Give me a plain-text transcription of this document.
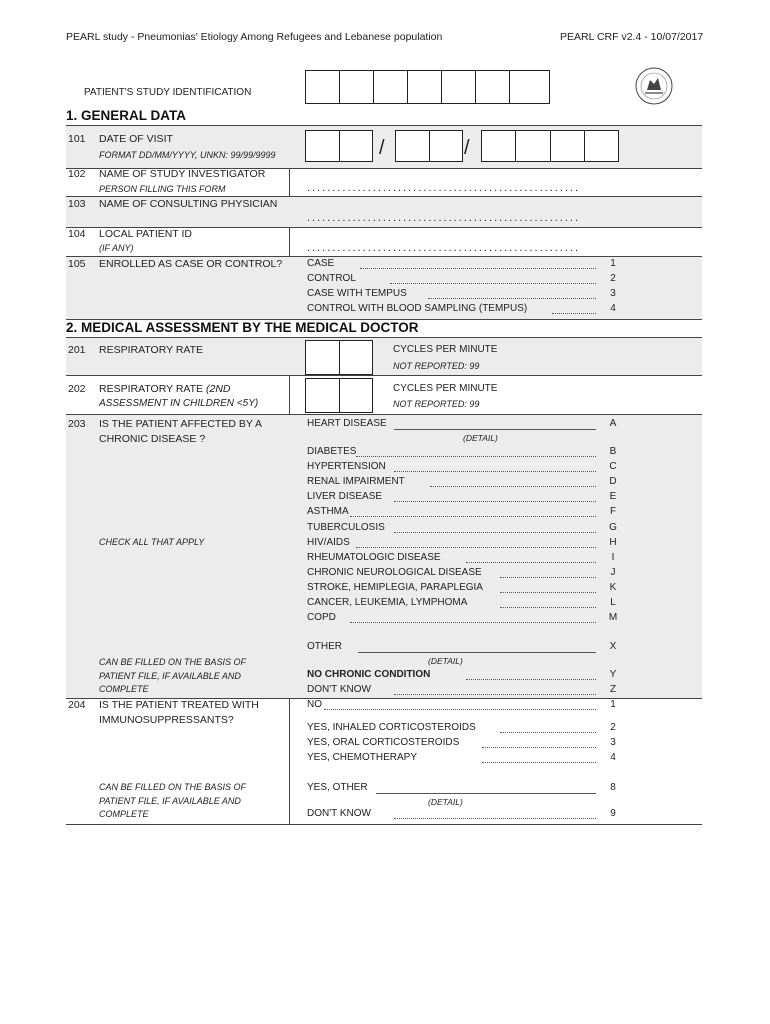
PEARL study - Pneumonias' Etiology Among Refugees and Lebanese population	PEARL CRF v2.4 - 10/07/2017
PATIENT'S STUDY IDENTIFICATION
1. GENERAL DATA
101 DATE OF VISIT
FORMAT DD/MM/YYYY, UNKN: 99/99/9999	/	/
102 NAME OF STUDY INVESTIGATOR
PERSON FILLING THIS FORM	......................................................
103 NAME OF CONSULTING PHYSICIAN
......................................................
104 LOCAL PATIENT ID
(IF ANY)	......................................................
105 ENROLLED AS CASE OR CONTROL? CASE	1
CONTROL	2
CASE WITH TEMPUS	3
CONTROL WITH BLOOD SAMPLING (TEMPUS)	4
2. MEDICAL ASSESSMENT BY THE MEDICAL DOCTOR
201 RESPIRATORY RATE	CYCLES PER MINUTE
NOT REPORTED: 99
202 RESPIRATORY RATE (2ND
ASSESSMENT IN CHILDREN <5Y)
CYCLES PER MINUTE
NOT REPORTED: 99
203 IS THE PATIENT AFFECTED BY A
CHRONIC DISEASE ?
CHECK ALL THAT APPLY
CAN BE FILLED ON THE BASIS OF
PATIENT FILE, IF AVAILABLE AND
COMPLETE
HEART DISEASE	A
(DETAIL)
DIABETES	B
HYPERTENSION	C
RENAL IMPAIRMENT	D
LIVER DISEASE	E
ASTHMA	F
TUBERCULOSIS	G
HIV/AIDS	H
RHEUMATOLOGIC DISEASE	I
CHRONIC NEUROLOGICAL DISEASE	J
STROKE, HEMIPLEGIA, PARAPLEGIA	K
CANCER, LEUKEMIA, LYMPHOMA	L
COPD	M
OTHER	X
(DETAIL)
NO CHRONIC CONDITION	Y
DON'T KNOW	Z
204 IS THE PATIENT TREATED WITH
IMMUNOSUPPRESSANTS?
CAN BE FILLED ON THE BASIS OF
PATIENT FILE, IF AVAILABLE AND
COMPLETE
NO	1
YES, INHALED CORTICOSTEROIDS	2
YES, ORAL CORTICOSTEROIDS	3
YES, CHEMOTHERAPY	4
YES, OTHER	8
(DETAIL)
DON'T KNOW	9
